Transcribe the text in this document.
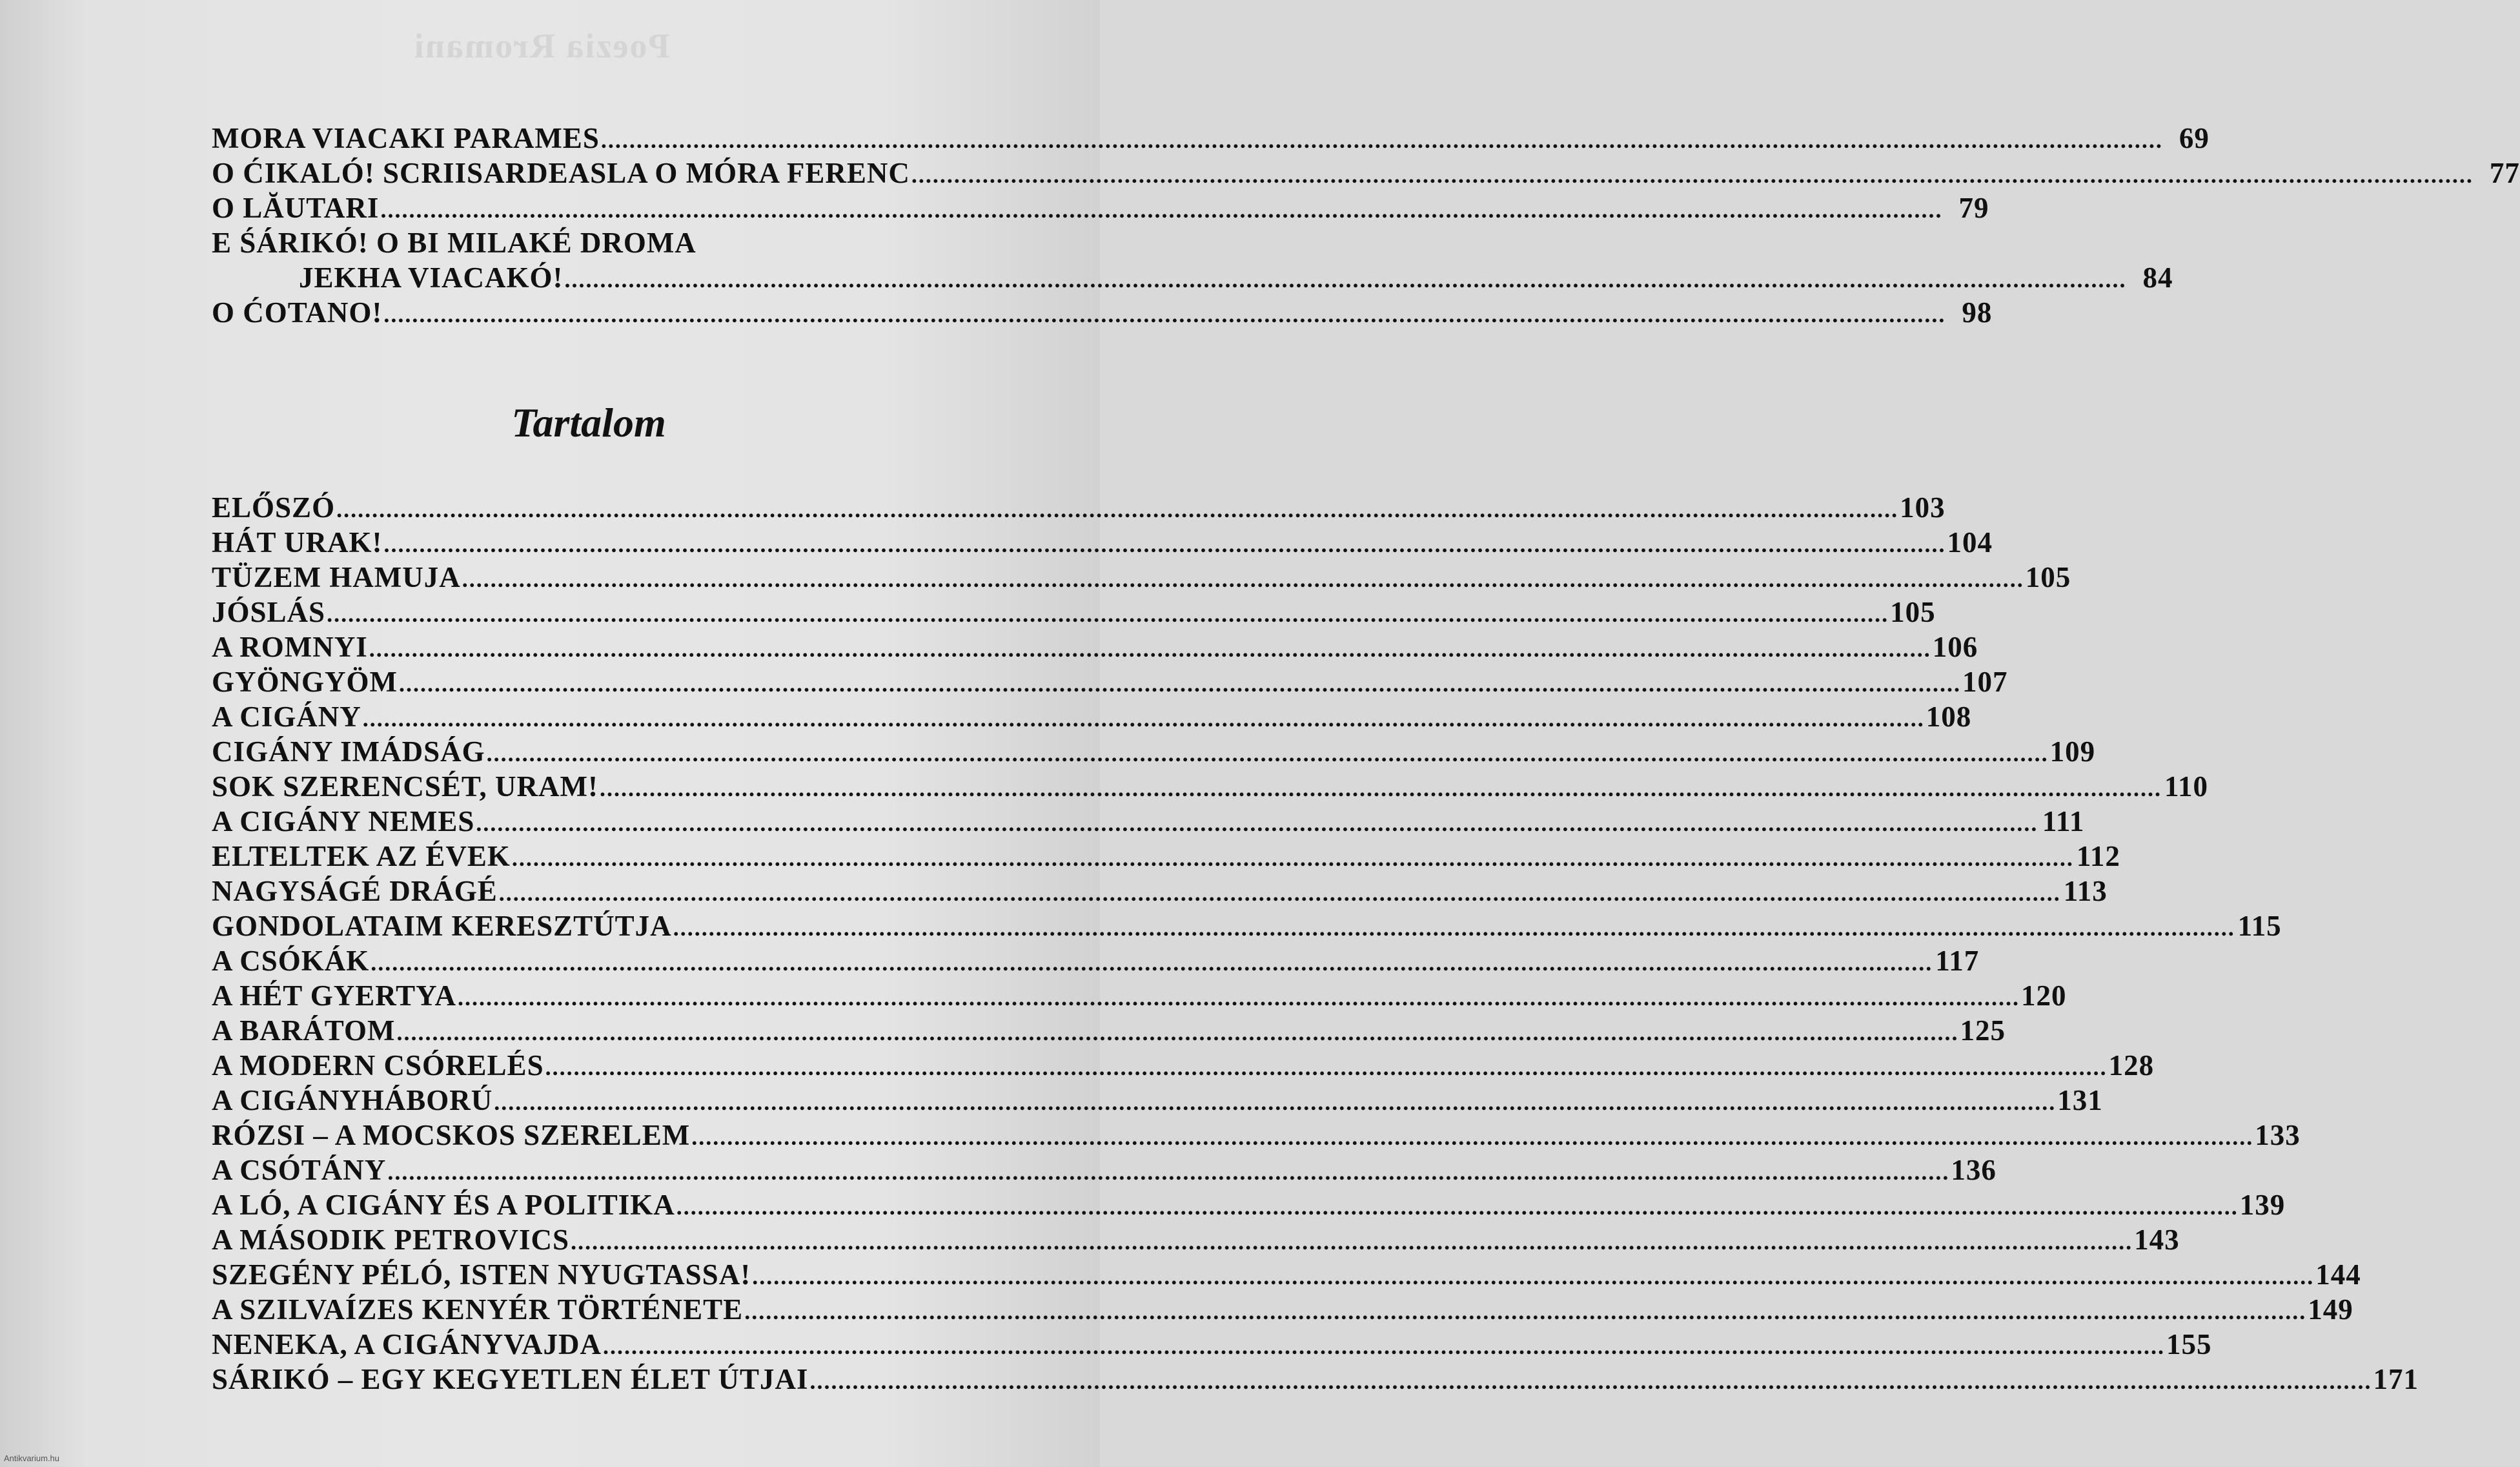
Poezia Rromani
MORA VIACAKI PARAMES ............................................................................................................................................................................................................................ 69
O ĆIKALÓ! SCRIISARDEASLA O MÓRA FERENC ............................................................................................................................................................................................................................ 77
O LĂUTARI ............................................................................................................................................................................................................................ 79
E ŚÁRIKÓ! O BI MILAKÉ DROMA
JEKHA VIACAKÓ! ............................................................................................................................................................................................................................ 84
O ĆOTANO! ............................................................................................................................................................................................................................ 98
Tartalom
ELŐSZÓ ............................................................................................................................................................................................................................ 103
HÁT URAK! ............................................................................................................................................................................................................................ 104
TÜZEM HAMUJA ............................................................................................................................................................................................................................ 105
JÓSLÁS ............................................................................................................................................................................................................................ 105
A ROMNYI ............................................................................................................................................................................................................................ 106
GYÖNGYÖM ............................................................................................................................................................................................................................ 107
A CIGÁNY ............................................................................................................................................................................................................................ 108
CIGÁNY IMÁDSÁG ............................................................................................................................................................................................................................ 109
SOK SZERENCSÉT, URAM! ............................................................................................................................................................................................................................ 110
A CIGÁNY NEMES ............................................................................................................................................................................................................................ 111
ELTELTEK AZ ÉVEK ............................................................................................................................................................................................................................ 112
NAGYSÁGÉ DRÁGÉ ............................................................................................................................................................................................................................ 113
GONDOLATAIM KERESZTÚTJA ............................................................................................................................................................................................................................ 115
A CSÓKÁK ............................................................................................................................................................................................................................ 117
A HÉT GYERTYA ............................................................................................................................................................................................................................ 120
A BARÁTOM ............................................................................................................................................................................................................................ 125
A MODERN CSÓRELÉS ............................................................................................................................................................................................................................ 128
A CIGÁNYHÁBORÚ ............................................................................................................................................................................................................................ 131
RÓZSI – A MOCSKOS SZERELEM ............................................................................................................................................................................................................................ 133
A CSÓTÁNY ............................................................................................................................................................................................................................ 136
A LÓ, A CIGÁNY ÉS A POLITIKA ............................................................................................................................................................................................................................ 139
A MÁSODIK PETROVICS ............................................................................................................................................................................................................................ 143
SZEGÉNY PÉLÓ, ISTEN NYUGTASSA! ............................................................................................................................................................................................................................ 144
A SZILVAÍZES KENYÉR TÖRTÉNETE ............................................................................................................................................................................................................................ 149
NENEKA, A CIGÁNYVAJDA ............................................................................................................................................................................................................................ 155
SÁRIKÓ – EGY KEGYETLEN ÉLET ÚTJAI ............................................................................................................................................................................................................................ 171
Antikvarium.hu
